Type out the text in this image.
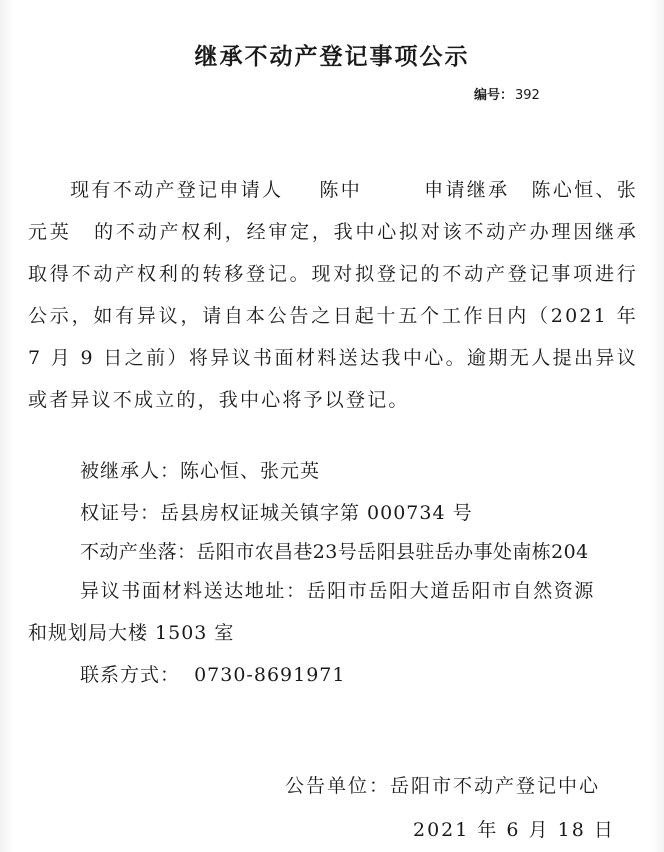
继承不动产登记事项公示
编号： 392
现有不动产登记申请人 陈中	申请继承 陈心恒、张元英 的不动产权利，经审定，我中心拟对该不动产办理因继承取得不动产权利的转移登记。现对拟登记的不动产登记事项进行公示，如有异议，请自本公告之日起十五个工作日内（2021 年 7 月 9 日之前）将异议书面材料送达我中心。逾期无人提出异议或者异议不成立的，我中心将予以登记。
被继承人：陈心恒、张元英
权证号：岳县房权证城关镇字第 000734 号
不动产坐落：岳阳市农昌巷23号岳阳县驻岳办事处南栋204
异议书面材料送达地址：岳阳市岳阳大道岳阳市自然资源
和规划局大楼 1503 室
联系方式：  0730-8691971
公告单位：岳阳市不动产登记中心
2021 年 6 月 18 日
